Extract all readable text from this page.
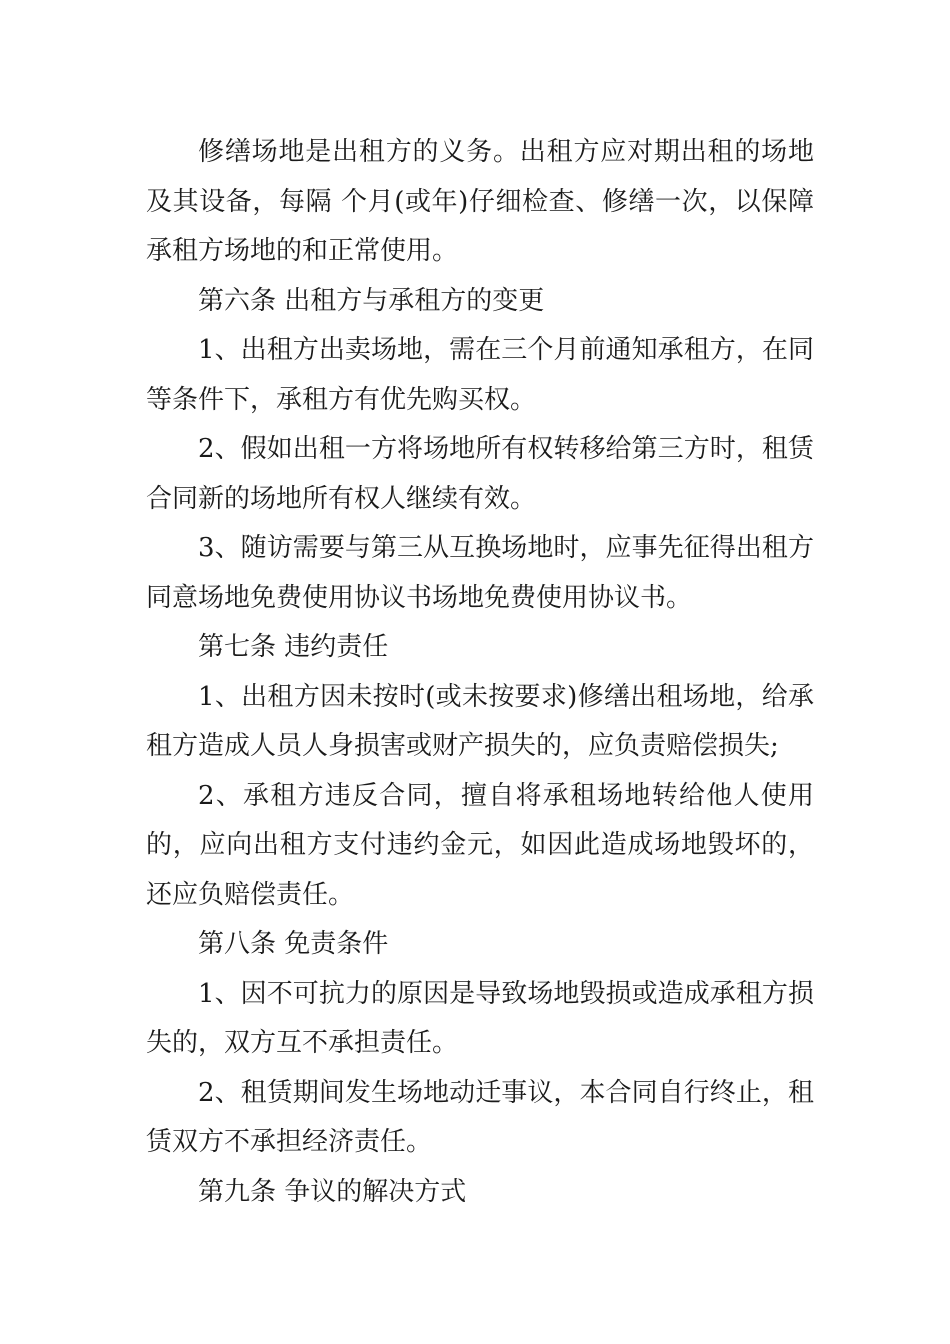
修缮场地是出租方的义务。出租方应对期出租的场地及其设备，每隔 个月(或年)仔细检查、修缮一次，以保障承租方场地的和正常使用。

第六条 出租方与承租方的变更

1、出租方出卖场地，需在三个月前通知承租方，在同等条件下，承租方有优先购买权。

2、假如出租一方将场地所有权转移给第三方时，租赁合同新的场地所有权人继续有效。

3、随访需要与第三从互换场地时，应事先征得出租方同意场地免费使用协议书场地免费使用协议书。

第七条 违约责任

1、出租方因未按时(或未按要求)修缮出租场地，给承租方造成人员人身损害或财产损失的，应负责赔偿损失;

2、承租方违反合同，擅自将承租场地转给他人使用的，应向出租方支付违约金元，如因此造成场地毁坏的，还应负赔偿责任。

第八条 免责条件

1、因不可抗力的原因是导致场地毁损或造成承租方损失的，双方互不承担责任。

2、租赁期间发生场地动迁事议，本合同自行终止，租赁双方不承担经济责任。

第九条 争议的解决方式
